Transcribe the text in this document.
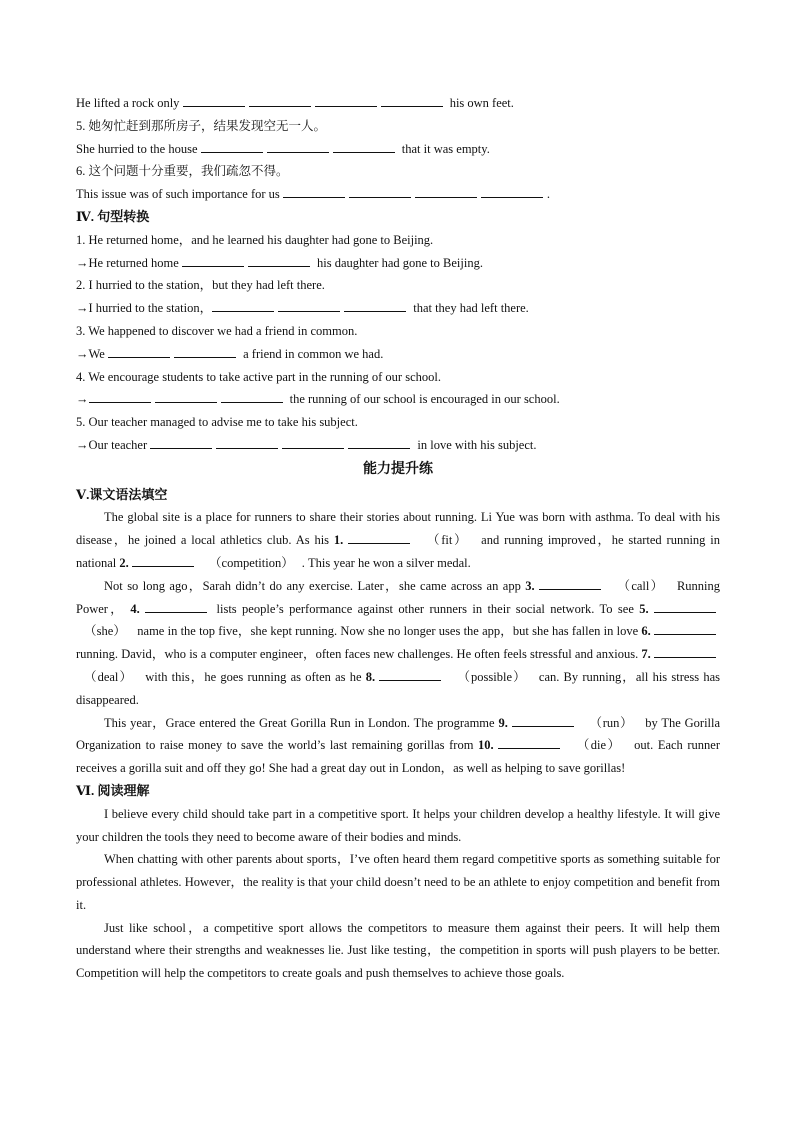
He lifted a rock only	his own feet.
5. 她匆忙赶到那所房子，结果发现空无一人。
She hurried to the house	that it was empty.
6. 这个问题十分重要，我们疏忽不得。
This issue was of such importance for us	.
Ⅳ. 句型转换
1. He returned home，and he learned his daughter had gone to Beijing.
→He returned home	his daughter had gone to Beijing.
2. I hurried to the station，but they had left there.
→I hurried to the station，	that they had left there.
3. We happened to discover we had a friend in common.
→We	a friend in common we had.
4. We encourage students to take active part in the running of our school.
→	the running of our school is encouraged in our school.
5. Our teacher managed to advise me to take his subject.
→Our teacher	in love with his subject.
能力提升练
Ⅴ.课文语法填空
The global site is a place for runners to share their stories about running. Li Yue was born with asthma. To deal with his disease，he joined a local athletics club. As his 1.	（fit） and running improved，he started running in national 2.	（competition） . This year he won a silver medal.
Not so long ago，Sarah didn’t do any exercise. Later，she came across an app 3.	（call） Running Power， 4.	lists people’s performance against other runners in their social network. To see 5.  （she） name in the top five，she kept running. Now she no longer uses the app，but she has fallen in love 6.  running. David，who is a computer engineer，often faces new challenges. He often feels stressful and anxious. 7.  （deal） with this，he goes running as often as he 8.	（possible） can. By running，all his stress has disappeared.
This year，Grace entered the Great Gorilla Run in London. The programme 9.	（run） by The Gorilla Organization to raise money to save the world’s last remaining gorillas from 10.	（die） out. Each runner receives a gorilla suit and off they go! She had a great day out in London，as well as helping to save gorillas!
Ⅵ. 阅读理解
I believe every child should take part in a competitive sport. It helps your children develop a healthy lifestyle. It will give your children the tools they need to become aware of their bodies and minds.
When chatting with other parents about sports，I’ve often heard them regard competitive sports as something suitable for professional athletes. However，the reality is that your child doesn’t need to be an athlete to enjoy competition and benefit from it.
Just like school，a competitive sport allows the competitors to measure them against their peers. It will help them understand where their strengths and weaknesses lie. Just like testing，the competition in sports will push players to be better. Competition will help the competitors to create goals and push themselves to achieve those goals.
